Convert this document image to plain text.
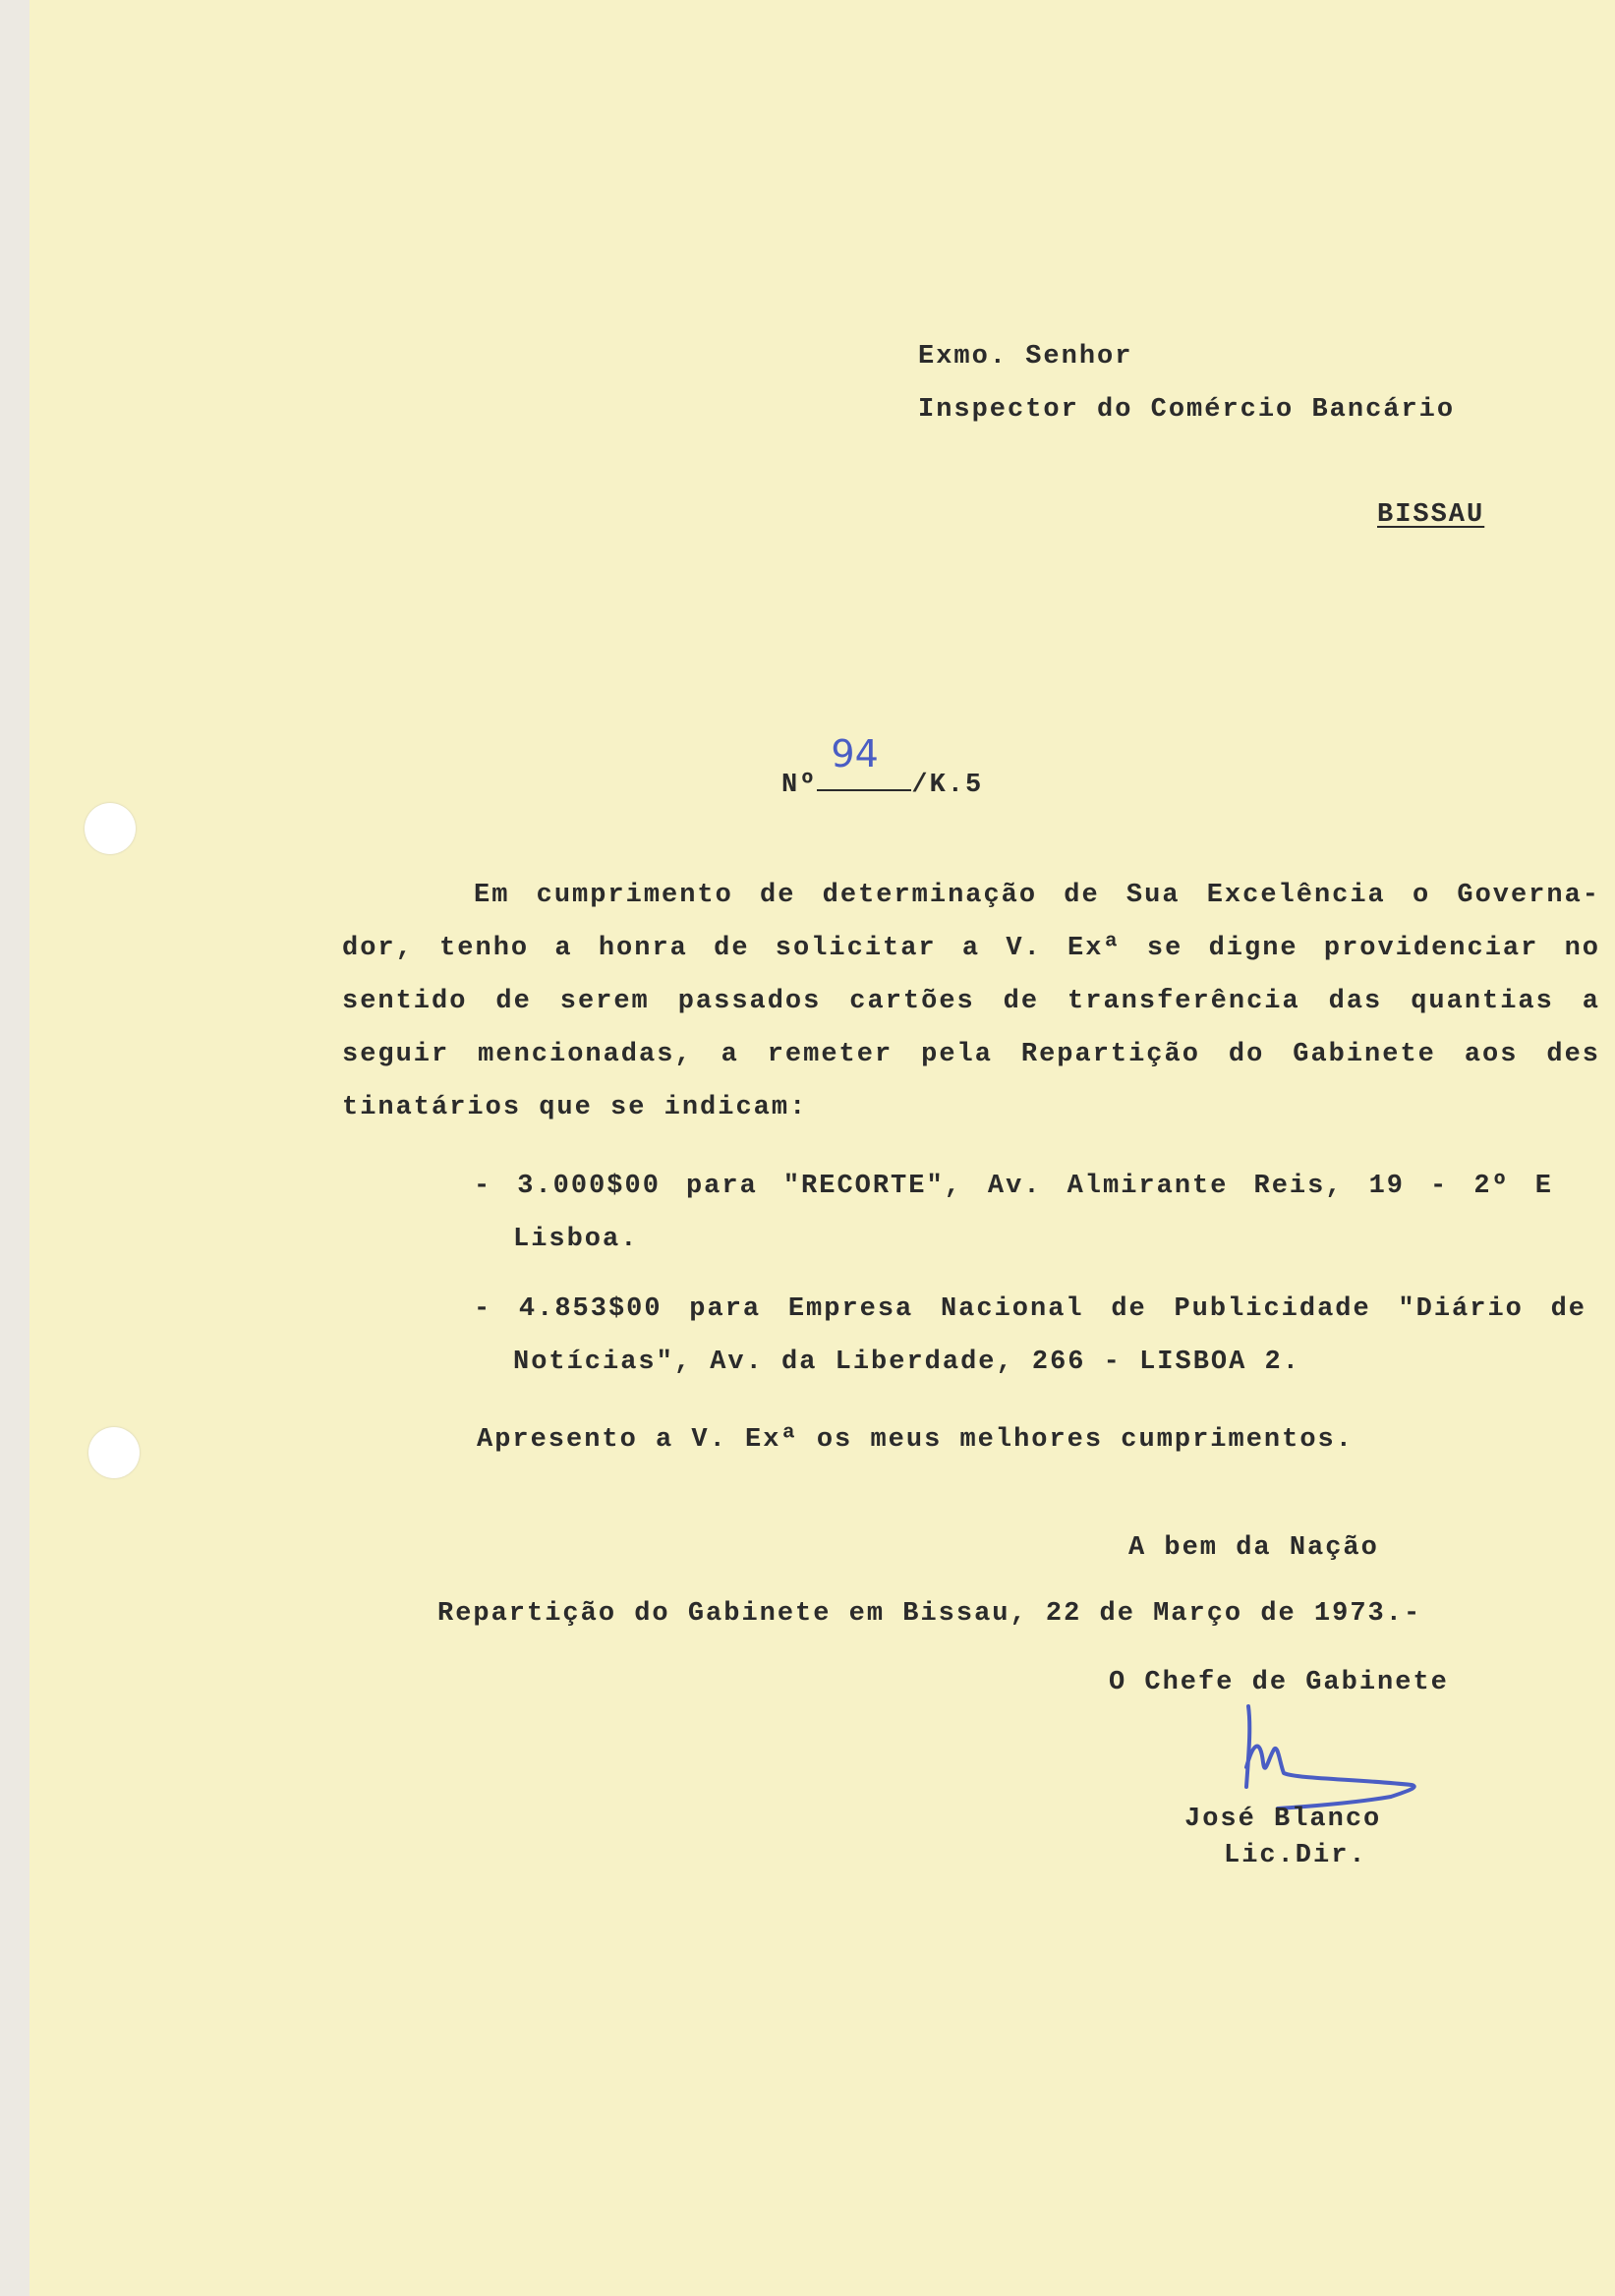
Exmo. Senhor
Inspector do Comércio Bancário
BISSAU
Nº
94
/K.5
Em cumprimento de determinação de Sua Excelência o Governa-
dor, tenho a honra de solicitar a V. Exª se digne providenciar no
sentido de serem passados cartões de transferência das quantias a
seguir mencionadas, a remeter pela Repartição do Gabinete aos des
tinatários que se indicam:
- 3.000$00 para "RECORTE", Av. Almirante Reis, 19 - 2º E
Lisboa.
- 4.853$00 para Empresa Nacional de Publicidade "Diário de
Notícias", Av. da Liberdade, 266 - LISBOA 2.
Apresento a V. Exª os meus melhores cumprimentos.
A bem da Nação
Repartição do Gabinete em Bissau, 22 de Março de 1973.-
O Chefe de Gabinete
José Blanco
Lic.Dir.
